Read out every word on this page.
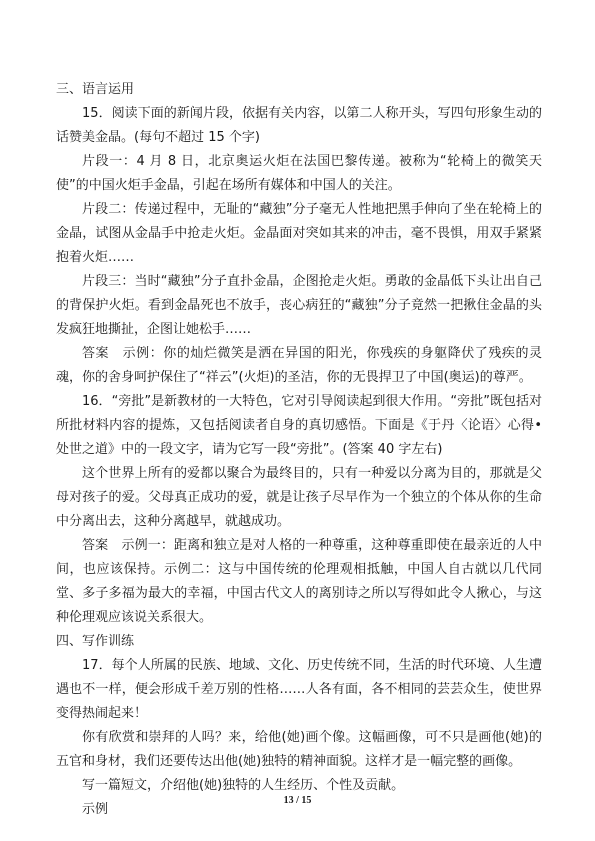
三、语言运用

15．阅读下面的新闻片段，依据有关内容，以第二人称开头，写四句形象生动的话赞美金晶。(每句不超过 15 个字)

片段一：4 月 8 日，北京奥运火炬在法国巴黎传递。被称为“轮椅上的微笑天使”的中国火炬手金晶，引起在场所有媒体和中国人的关注。

片段二：传递过程中，无耻的“藏独”分子毫无人性地把黑手伸向了坐在轮椅上的金晶，试图从金晶手中抢走火炬。金晶面对突如其来的冲击，毫不畏惧，用双手紧紧抱着火炬……

片段三：当时“藏独”分子直扑金晶，企图抢走火炬。勇敢的金晶低下头让出自己的背保护火炬。看到金晶死也不放手，丧心病狂的“藏独”分子竟然一把揪住金晶的头发疯狂地撕扯，企图让她松手……

答案　示例：你的灿烂微笑是洒在异国的阳光，你残疾的身躯降伏了残疾的灵魂，你的舍身呵护保住了“祥云”(火炬)的圣洁，你的无畏捍卫了中国(奥运)的尊严。

16．“旁批”是新教材的一大特色，它对引导阅读起到很大作用。“旁批”既包括对所批材料内容的提炼，又包括阅读者自身的真切感悟。下面是《于丹〈论语〉心得•处世之道》中的一段文字，请为它写一段“旁批”。(答案 40 字左右)

这个世界上所有的爱都以聚合为最终目的，只有一种爱以分离为目的，那就是父母对孩子的爱。父母真正成功的爱，就是让孩子尽早作为一个独立的个体从你的生命中分离出去，这种分离越早，就越成功。

答案　示例一：距离和独立是对人格的一种尊重，这种尊重即使在最亲近的人中间，也应该保持。示例二：这与中国传统的伦理观相抵触，中国人自古就以几代同堂、多子多福为最大的幸福，中国古代文人的离别诗之所以写得如此令人揪心，与这种伦理观应该说关系很大。

四、写作训练

17．每个人所属的民族、地域、文化、历史传统不同，生活的时代环境、人生遭遇也不一样，便会形成千差万别的性格……人各有面，各不相同的芸芸众生，使世界变得热闹起来！

你有欣赏和崇拜的人吗？来，给他(她)画个像。这幅画像，可不只是画他(她)的五官和身材，我们还要传达出他(她)独特的精神面貌。这样才是一幅完整的画像。

写一篇短文，介绍他(她)独特的人生经历、个性及贡献。

示例

13 / 15
